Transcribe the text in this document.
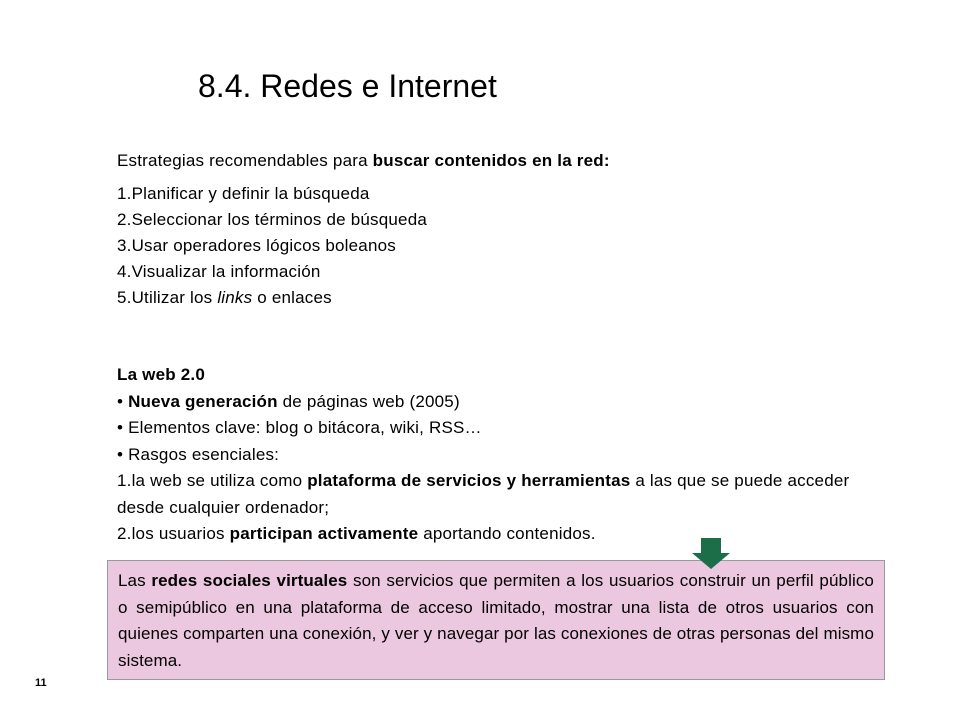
8.4. Redes e Internet
Estrategias recomendables para buscar contenidos en la red:
1.Planificar y definir la búsqueda
2.Seleccionar los términos de búsqueda
3.Usar operadores lógicos boleanos
4.Visualizar la información
5.Utilizar los links o enlaces
La web 2.0
• Nueva generación de páginas web (2005)
• Elementos clave: blog o bitácora, wiki, RSS…
• Rasgos esenciales:
1.la web se utiliza como plataforma de servicios y herramientas a las que se puede acceder desde cualquier ordenador;
2.los usuarios participan activamente aportando contenidos.
Las redes sociales virtuales son servicios que permiten a los usuarios construir un perfil público o semipúblico en una plataforma de acceso limitado, mostrar una lista de otros usuarios con quienes comparten una conexión, y ver y navegar por las conexiones de otras personas del mismo sistema.
11
